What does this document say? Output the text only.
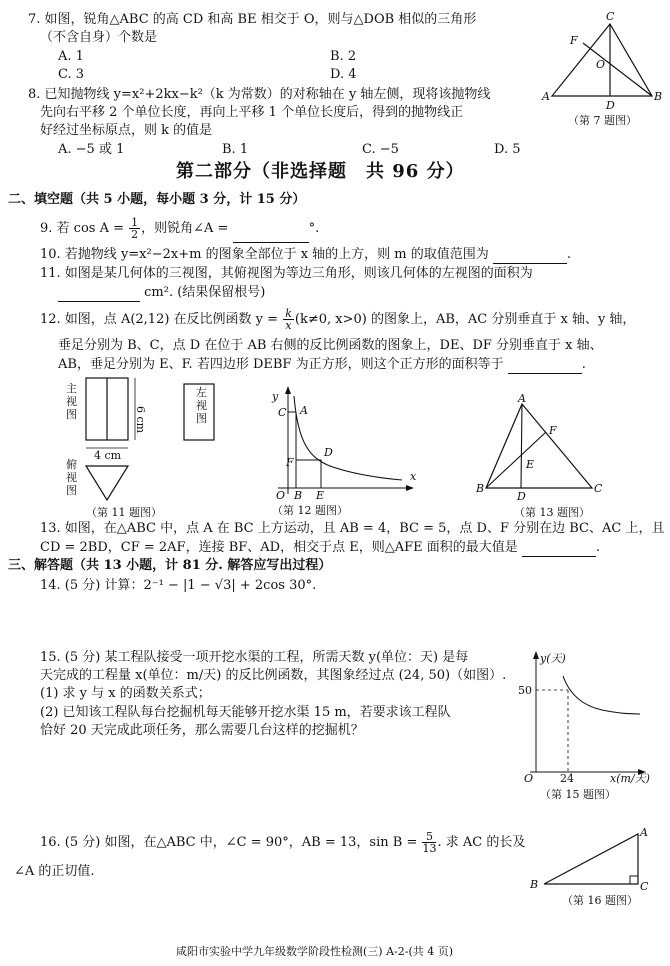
7. 如图，锐角△ABC 的高 CD 和高 BE 相交于 O，则与△DOB 相似的三角形
（不含自身）个数是
A. 1	B. 2
C. 3	D. 4
C
F
O
A
D
B
（第 7 题图）
8. 已知抛物线 y=x²+2kx−k²（k 为常数）的对称轴在 y 轴左侧，现将该抛物线
先向右平移 2 个单位长度，再向上平移 1 个单位长度后，得到的抛物线正
好经过坐标原点，则 k 的值是
A. −5 或 1	B. 1	C. −5	D. 5
第二部分（非选择题　共 96 分）
二、填空题（共 5 小题，每小题 3 分，计 15 分）
9. 若 $\cos A = \frac{1}{2}$ ，则锐角∠A =	°.
10. 若抛物线 y=x²−2x+m 的图象全部位于 x 轴的上方，则 m 的取值范围为	.
11. 如图是某几何体的三视图，其俯视图为等边三角形，则该几何体的左视图的面积为
cm². (结果保留根号)
12. 如图，点 A(2,12) 在反比例函数 $y = \frac{k}{x} (k\ne 0$, x>0) 的图象上，AB，AC 分别垂直于 x 轴、y 轴，
垂足分别为 B、C，点 D 在位于 AB 右侧的反比例函数的图象上，DE、DF 分别垂直于 x 轴、
AB，垂足分别为 E、F. 若四边形 DEBF 为正方形，则这个正方形的面积等于	.
主
视
图	6 cm
4 cm
左
视
图
俯
视
图
（第 11 题图）
y
C A
F
D
O B E
x
（第 12 题图）
A
F
E
B
D
C
（第 13 题图）
13. 如图，在△ABC 中，点 A 在 BC 上方运动，且 AB = 4，BC = 5，点 D、F 分别在边 BC、AC 上，且
CD = 2BD，CF = 2AF，连接 BF、AD，相交于点 E，则△AFE 面积的最大值是	.
三、解答题（共 13 小题，计 81 分. 解答应写出过程）
14. (5 分) 计算：2⁻¹ − |1 − √3| + 2cos 30°.
15. (5 分) 某工程队接受一项开挖水渠的工程，所需天数 y(单位：天) 是每
天完成的工程量 x(单位：m/天) 的反比例函数，其图象经过点 (24, 50)（如图）.
(1) 求 y 与 x 的函数关系式；
(2) 已知该工程队每台挖掘机每天能够开挖水渠 15 m，若要求该工程队
恰好 20 天完成此项任务，那么需要几台这样的挖掘机？
y(天)
50
O 24	x(m/天)
（第 15 题图）
16. (5 分) 如图，在△ABC 中，∠C = 90°，AB = 13，$\sin B = \frac{5}{13}$ . 求 AC 的长及
∠A 的正切值.
A
B	C
（第 16 题图）
咸阳市实验中学九年级数学阶段性检测(三) A-2-(共 4 页)
